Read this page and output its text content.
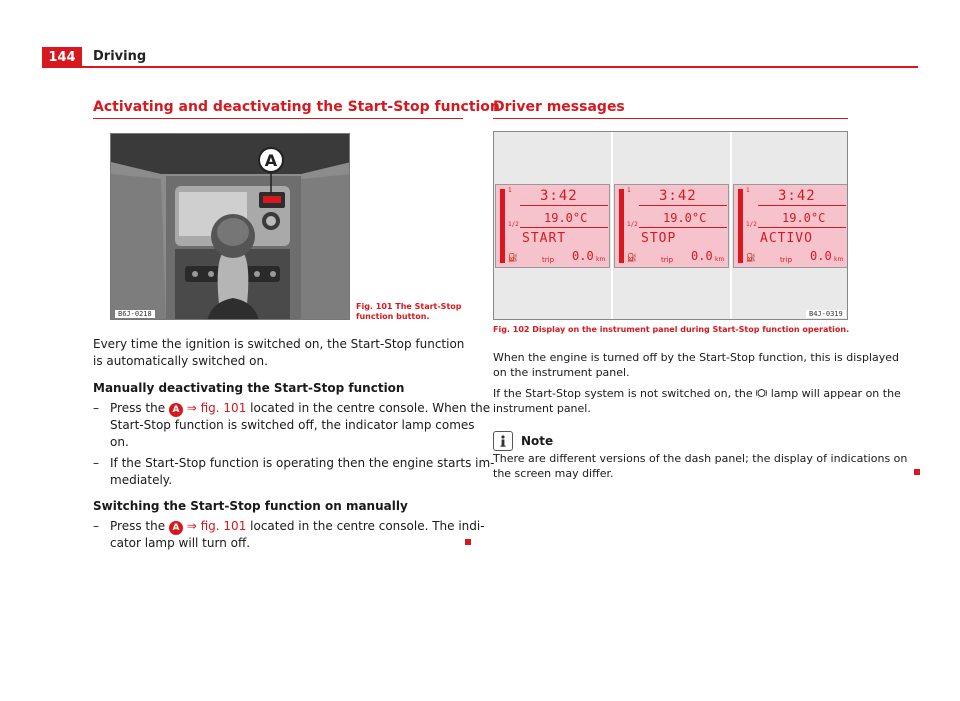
144	Driving
Activating and deactivating the Start-Stop function
A
B6J-0218
Fig. 101 The Start-Stop function button.
Every time the ignition is switched on, the Start-Stop function is automatically switched on.
Manually deactivating the Start-Stop function
– Press the A ⇒ fig. 101 located in the centre console. When the
Start-Stop function is switched off, the indicator lamp comes
on.
– If the Start-Stop function is operating then the engine starts im-
mediately.
Switching the Start-Stop function on manually
– Press the A ⇒ fig. 101 located in the centre console. The indi-
cator lamp will turn off.
Driver messages
1
1/2
3:42
19.0°C
START
⛽	trip 0.0 km
1
1/2
3:42
19.0°C
STOP
⛽	trip 0.0 km
1
1/2
3:42
19.0°C
ACTIVO
⛽	trip 0.0 km
B4J-0319
Fig. 102 Display on the instrument panel during Start-Stop function operation.
When the engine is turned off by the Start-Stop function, this is displayed
on the instrument panel.
If the Start-Stop system is not switched on, the lamp will appear on the
instrument panel.
Note
There are different versions of the dash panel; the display of indications on
the screen may differ.
